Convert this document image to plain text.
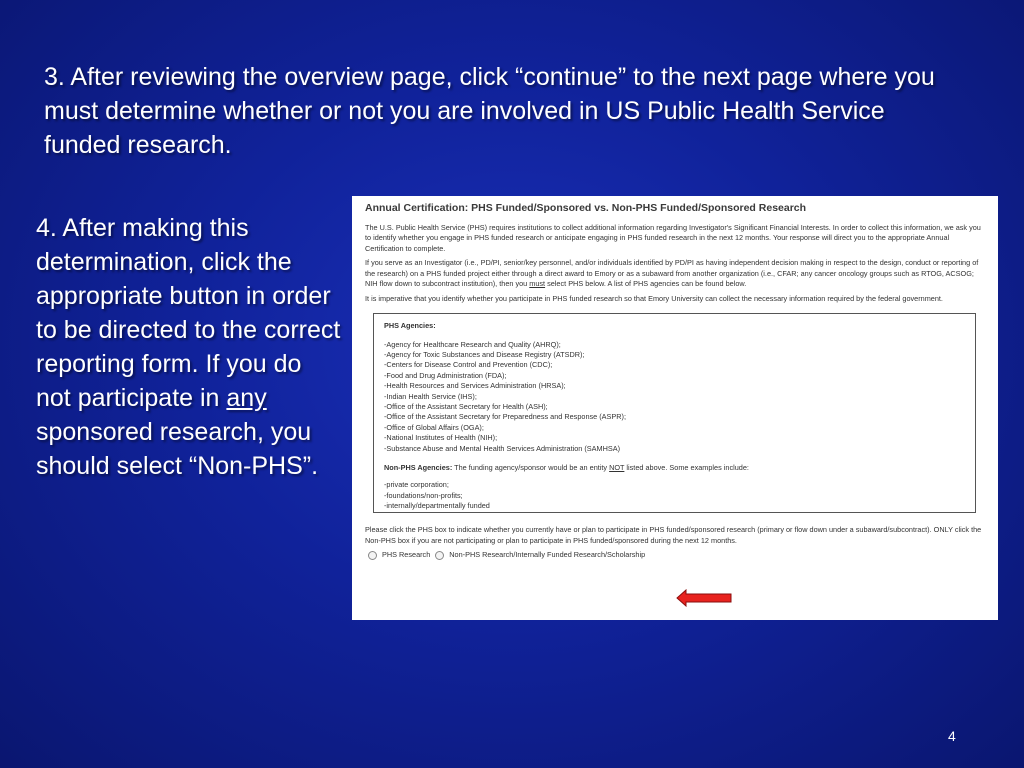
3. After reviewing the overview page, click “continue” to the next page where you must determine whether or not you are involved in US Public Health Service funded research.
4. After making this determination, click the appropriate button in order to be directed to the correct reporting form. If you do not participate in any sponsored research, you should select “Non-PHS”.
Annual Certification: PHS Funded/Sponsored vs. Non-PHS Funded/Sponsored Research

The U.S. Public Health Service (PHS) requires institutions to collect additional information regarding Investigator's Significant Financial Interests. In order to collect this information, we ask you to identify whether you engage in PHS funded research or anticipate engaging in PHS funded research in the next 12 months. Your response will direct you to the appropriate Annual Certification to complete.

If you serve as an Investigator (i.e., PD/PI, senior/key personnel, and/or individuals identified by PD/PI as having independent decision making in respect to the design, conduct or reporting of the research) on a PHS funded project either through a direct award to Emory or as a subaward from another organization (i.e., CFAR; any cancer oncology groups such as RTOG, ACSOG; NIH flow down to subcontract institution), then you must select PHS below. A list of PHS agencies can be found below.

It is imperative that you identify whether you participate in PHS funded research so that Emory University can collect the necessary information required by the federal government.

PHS Agencies:
-Agency for Healthcare Research and Quality (AHRQ);
-Agency for Toxic Substances and Disease Registry (ATSDR);
-Centers for Disease Control and Prevention (CDC);
-Food and Drug Administration (FDA);
-Health Resources and Services Administration (HRSA);
-Indian Health Service (IHS);
-Office of the Assistant Secretary for Health (ASH);
-Office of the Assistant Secretary for Preparedness and Response (ASPR);
-Office of Global Affairs (OGA);
-National Institutes of Health (NIH);
-Substance Abuse and Mental Health Services Administration (SAMHSA)
Non-PHS Agencies: The funding agency/sponsor would be an entity NOT listed above. Some examples include:
-private corporation;
-foundations/non-profits;
-internally/departmentally funded

Please click the PHS box to indicate whether you currently have or plan to participate in PHS funded/sponsored research (primary or flow down under a subaward/subcontract). ONLY click the Non-PHS box if you are not participating or plan to participate in PHS funded/sponsored during the next 12 months.

PHS Research	Non-PHS Research/Internally Funded Research/Scholarship
4
